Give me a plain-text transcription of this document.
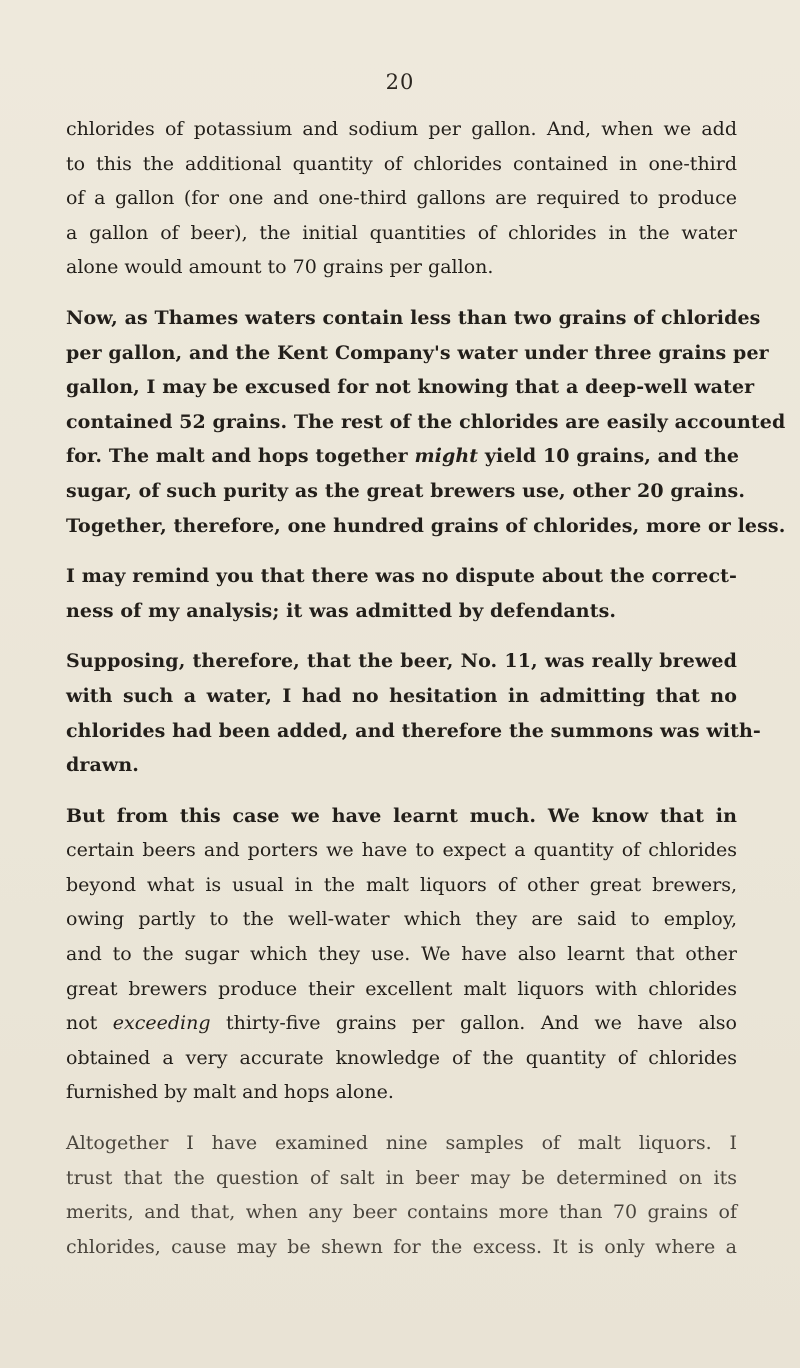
20

chlorides of potassium and sodium per gallon. And, when we add
to this the additional quantity of chlorides contained in one-third
of a gallon (for one and one-third gallons are required to produce
a gallon of beer), the initial quantities of chlorides in the water
alone would amount to 70 grains per gallon.

Now, as Thames waters contain less than two grains of chlorides
per gallon, and the Kent Company's water under three grains per
gallon, I may be excused for not knowing that a deep-well water
contained 52 grains. The rest of the chlorides are easily accounted
for. The malt and hops together might yield 10 grains, and the
sugar, of such purity as the great brewers use, other 20 grains.
Together, therefore, one hundred grains of chlorides, more or less.

I may remind you that there was no dispute about the correct-
ness of my analysis; it was admitted by defendants.

Supposing, therefore, that the beer, No. 11, was really brewed
with such a water, I had no hesitation in admitting that no
chlorides had been added, and therefore the summons was with-
drawn.

But from this case we have learnt much. We know that in
certain beers and porters we have to expect a quantity of chlorides
beyond what is usual in the malt liquors of other great brewers,
owing partly to the well-water which they are said to employ,
and to the sugar which they use. We have also learnt that other
great brewers produce their excellent malt liquors with chlorides
not exceeding thirty-five grains per gallon. And we have also
obtained a very accurate knowledge of the quantity of chlorides
furnished by malt and hops alone.

Altogether I have examined nine samples of malt liquors. I
trust that the question of salt in beer may be determined on its
merits, and that, when any beer contains more than 70 grains of
chlorides, cause may be shewn for the excess. It is only where a
